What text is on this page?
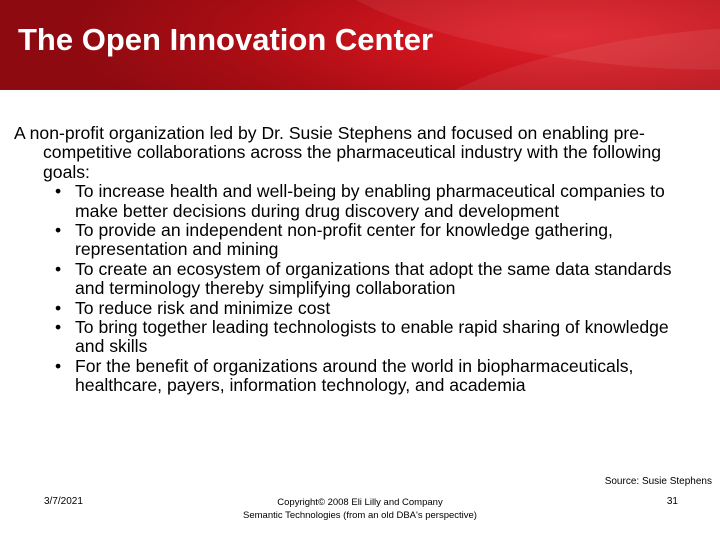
The Open Innovation Center
A non-profit organization led by Dr. Susie Stephens and focused on enabling pre-competitive collaborations across the pharmaceutical industry with the following goals:
• To increase health and well-being by enabling pharmaceutical companies to make better decisions during drug discovery and development
• To provide an independent non-profit center for knowledge gathering, representation and mining
• To create an ecosystem of organizations that adopt the same data standards and terminology thereby simplifying collaboration
• To reduce risk and minimize cost
• To bring together leading technologists to enable rapid sharing of knowledge and skills
• For the benefit of organizations around the world in biopharmaceuticals, healthcare, payers, information technology, and academia
Source: Susie Stephens
3/7/2021	Copyright© 2008 Eli Lilly and Company
Semantic Technologies (from an old DBA's perspective)
31
